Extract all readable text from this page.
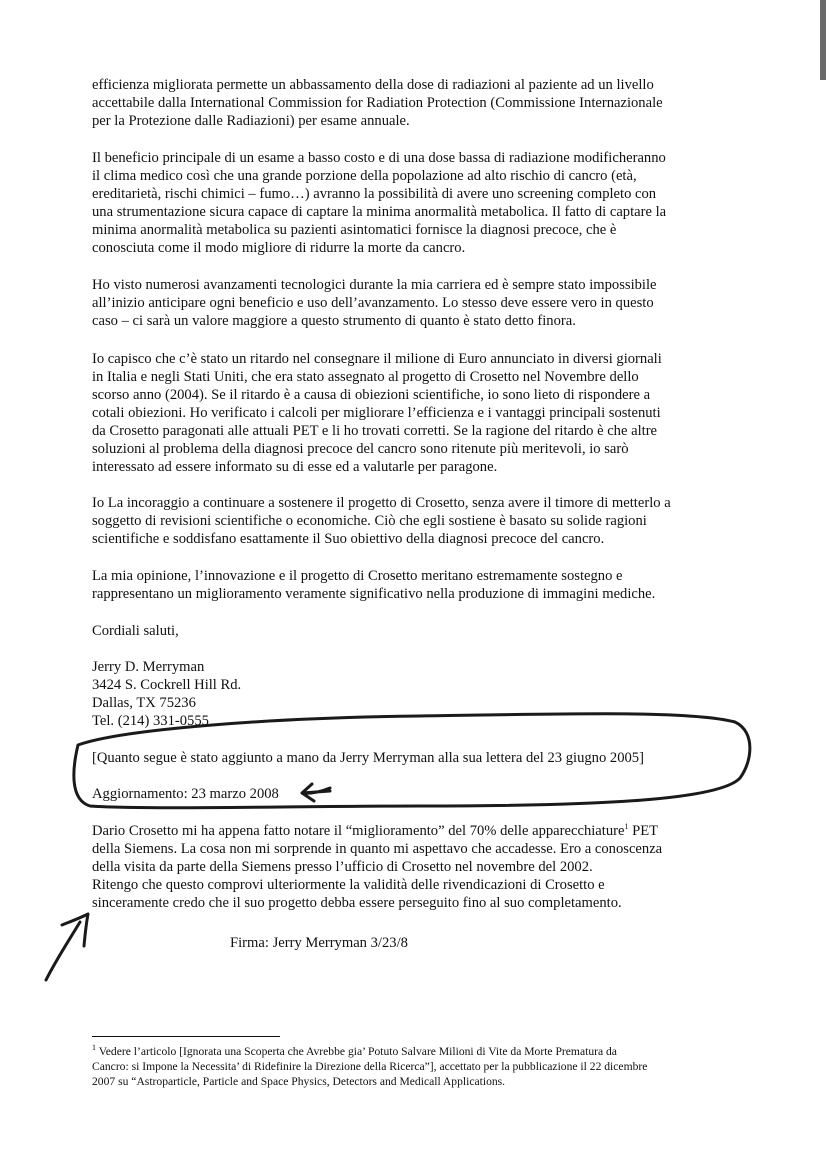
efficienza migliorata permette un abbassamento della dose di radiazioni al paziente ad un livello
accettabile dalla International Commission for Radiation Protection (Commissione Internazionale
per la Protezione dalle Radiazioni) per esame annuale.

Il beneficio principale di un esame a basso costo e di una dose bassa di radiazione modificheranno
il clima medico così che una grande porzione della popolazione ad alto rischio di cancro (età,
ereditarietà, rischi chimici – fumo…) avranno la possibilità di avere uno screening completo con
una strumentazione sicura capace di captare la minima anormalità metabolica. Il fatto di captare la
minima anormalità metabolica su pazienti asintomatici fornisce la diagnosi precoce, che è
conosciuta come il modo migliore di ridurre la morte da cancro.

Ho visto numerosi avanzamenti tecnologici durante la mia carriera ed è sempre stato impossibile
all’inizio anticipare ogni beneficio e uso dell’avanzamento. Lo stesso deve essere vero in questo
caso – ci sarà un valore maggiore a questo strumento di quanto è stato detto finora.

Io capisco che c’è stato un ritardo nel consegnare il milione di Euro annunciato in diversi giornali
in Italia e negli Stati Uniti, che era stato assegnato al progetto di Crosetto nel Novembre dello
scorso anno (2004). Se il ritardo è a causa di obiezioni scientifiche, io sono lieto di rispondere a
cotali obiezioni. Ho verificato i calcoli per migliorare l’efficienza e i vantaggi principali sostenuti
da Crosetto paragonati alle attuali PET e li ho trovati corretti. Se la ragione del ritardo è che altre
soluzioni al problema della diagnosi precoce del cancro sono ritenute più meritevoli, io sarò
interessato ad essere informato su di esse ed a valutarle per paragone.

Io La incoraggio a continuare a sostenere il progetto di Crosetto, senza avere il timore di metterlo a
soggetto di revisioni scientifiche o economiche. Ciò che egli sostiene è basato su solide ragioni
scientifiche e soddisfano esattamente il Suo obiettivo della diagnosi precoce del cancro.

La mia opinione, l’innovazione e il progetto di Crosetto meritano estremamente sostegno e
rappresentano un miglioramento veramente significativo nella produzione di immagini mediche.

Cordiali saluti,

Jerry D. Merryman
3424 S. Cockrell Hill Rd.
Dallas, TX 75236
Tel. (214) 331-0555

[Quanto segue è stato aggiunto a mano da Jerry Merryman alla sua lettera del 23 giugno 2005]
Aggiornamento: 23 marzo 2008

Dario Crosetto mi ha appena fatto notare il “miglioramento” del 70% delle apparecchiature$^1$ PET
della Siemens. La cosa non mi sorprende in quanto mi aspettavo che accadesse. Ero a conoscenza
della visita da parte della Siemens presso l’ufficio di Crosetto nel novembre del 2002.

Ritengo che questo comprovi ulteriormente la validità delle rivendicazioni di Crosetto e
sinceramente credo che il suo progetto debba essere perseguito fino al suo completamento.

Firma: Jerry Merryman 3/23/8

$^1$ Vedere l’articolo [Ignorata una Scoperta che Avrebbe gia’ Potuto Salvare Milioni di Vite da Morte Prematura da
Cancro: si Impone la Necessita’ di Ridefinire la Direzione della Ricerca”], accettato per la pubblicazione il 22 dicembre
2007 su “Astroparticle, Particle and Space Physics, Detectors and Medicall Applications.
